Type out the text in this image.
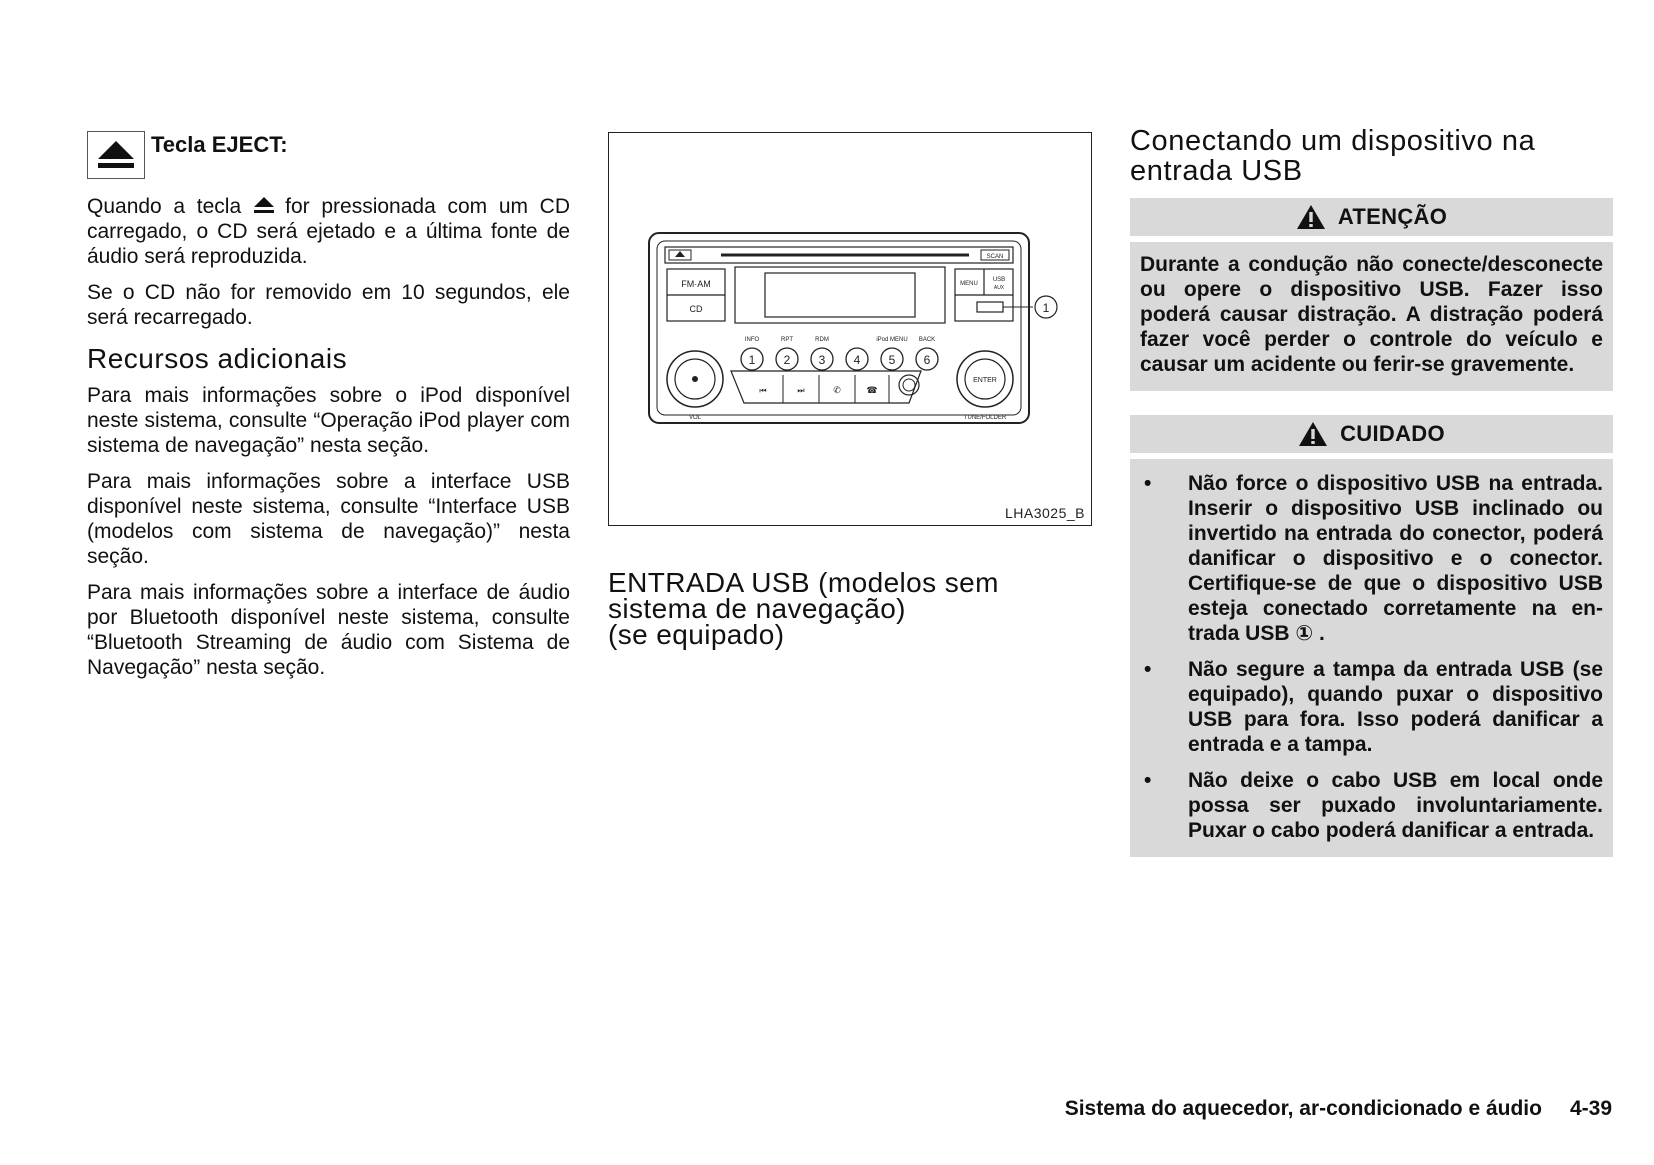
Tecla EJECT:

Quando a tecla for pressionada com um CD carregado, o CD será ejetado e a última fonte de áudio será reproduzida.

Se o CD não for removido em 10 segundos, ele será recarregado.

Recursos adicionais

Para mais informações sobre o iPod disponível neste sistema, consulte “Operação iPod player com sistema de navegação” nesta seção.

Para mais informações sobre a interface USB disponível neste sistema, consulte “Interface USB (modelos com sistema de navegação)” nesta seção.

Para mais informações sobre a interface de áudio por Bluetooth disponível neste sistema, consulte “Bluetooth Streaming de áudio com Sistema de Navegação” nesta seção.

SCAN
FM·AM
CD
MENU
USB
AUX
1
INFO	RPT	RDM	iPod MENU BACK
1 2 3 4 5 6
VOL
ENTER
TUNE/FOLDER
⏮	⏭	✆	☎
LHA3025_B
ENTRADA USB (modelos sem
sistema de navegação)
(se equipado)
Conectando um dispositivo na
entrada USB
ATENÇÃO
Durante a condução não conecte/desconecte ou opere o dispositivo USB. Fazer isso poderá causar distração. A distração poderá fazer você perder o controle do veículo e causar um acidente ou ferir-se gravemente.
CUIDADO
• Não force o dispositivo USB na entrada. Inserir o dispositivo USB inclinado ou invertido na entrada do conector, poderá danificar o dispositivo e o conector. Certifique-se de que o dispositivo USB esteja conectado corretamente na entrada USB ① .
• Não segure a tampa da entrada USB (se equipado), quando puxar o dispositivo USB para fora. Isso poderá danificar a entrada e a tampa.
• Não deixe o cabo USB em local onde possa ser puxado involuntariamente. Puxar o cabo poderá danificar a entrada.
Sistema do aquecedor, ar-condicionado e áudio 4-39
